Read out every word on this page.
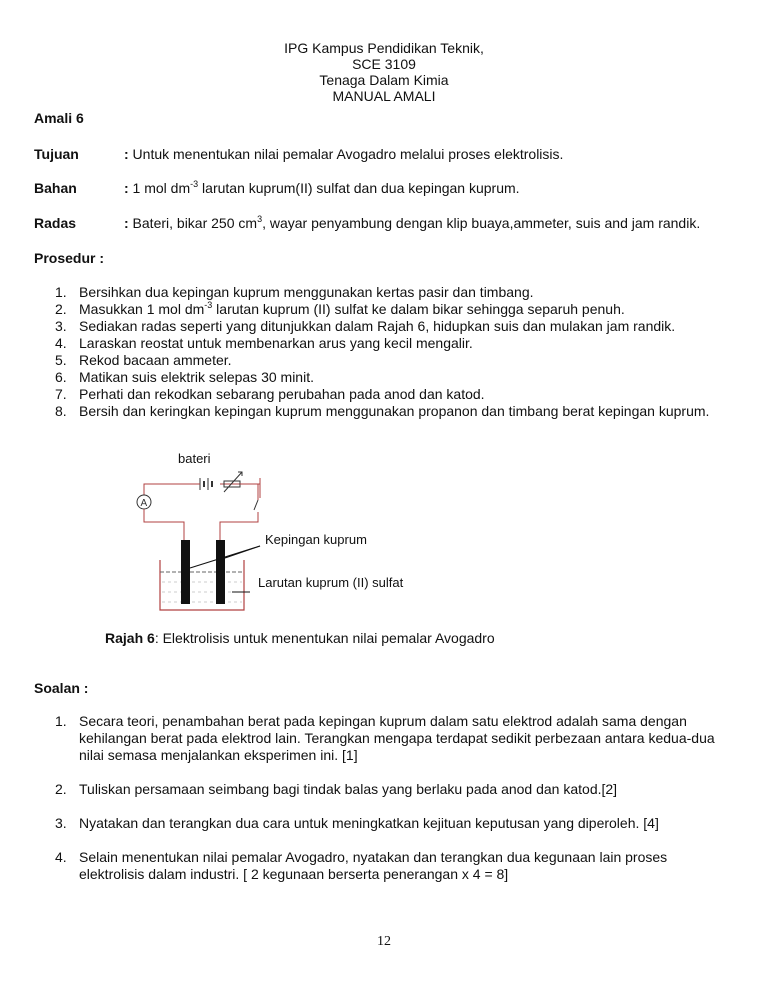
IPG Kampus Pendidikan Teknik,
SCE 3109
Tenaga Dalam Kimia
MANUAL AMALI
Amali 6
Tujuan	: Untuk menentukan nilai pemalar Avogadro melalui proses elektrolisis.
Bahan	: 1 mol $dm^{-3}$ larutan kuprum(II) sulfat dan dua kepingan kuprum.
Radas	: Bateri, bikar 250 $cm^3$, wayar penyambung dengan klip buaya,ammeter, suis and jam randik.
Prosedur :
1. Bersihkan dua kepingan kuprum menggunakan kertas pasir dan timbang.
2. Masukkan 1 mol $dm^{-3}$ larutan kuprum (II) sulfat ke dalam bikar sehingga separuh penuh.
3. Sediakan radas seperti yang ditunjukkan dalam Rajah 6, hidupkan suis dan mulakan jam randik.
4. Laraskan reostat untuk membenarkan arus yang kecil mengalir.
5. Rekod bacaan ammeter.
6. Matikan suis elektrik selepas 30 minit.
7. Perhati dan rekodkan sebarang perubahan pada anod dan katod.
8. Bersih dan keringkan kepingan kuprum menggunakan propanon dan timbang berat kepingan kuprum.
A
bateri
Kepingan kuprum
Larutan kuprum (II) sulfat
Rajah 6: Elektrolisis untuk menentukan nilai pemalar Avogadro
Soalan :
1. Secara teori, penambahan berat pada kepingan kuprum dalam satu elektrod adalah sama dengan kehilangan berat pada elektrod lain. Terangkan mengapa terdapat sedikit perbezaan antara kedua-dua nilai semasa menjalankan eksperimen ini. [1]
2. Tuliskan persamaan seimbang bagi tindak balas yang berlaku pada anod dan katod.[2]
3. Nyatakan dan terangkan dua cara untuk meningkatkan kejituan keputusan yang diperoleh. [4]
4. Selain menentukan nilai pemalar Avogadro, nyatakan dan terangkan dua kegunaan lain proses elektrolisis dalam industri. [ 2 kegunaan berserta penerangan x 4 = 8]
12
